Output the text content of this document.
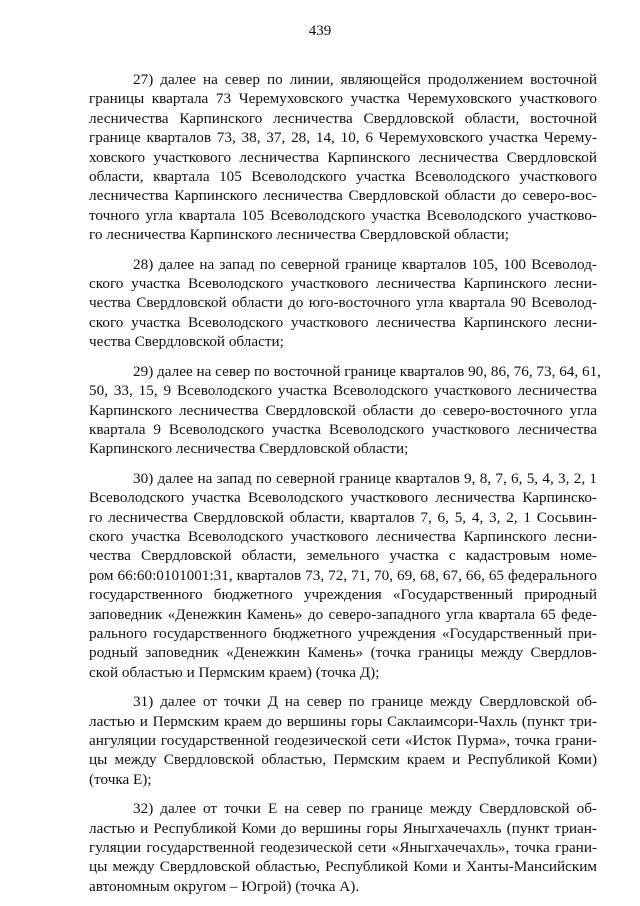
439
27) далее на север по линии, являющейся продолжением восточной
границы квартала 73 Черемуховского участка Черемуховского участкового
лесничества Карпинского лесничества Свердловской области, восточной
границе кварталов 73, 38, 37, 28, 14, 10, 6 Черемуховского участка Черему-
ховского участкового лесничества Карпинского лесничества Свердловской
области, квартала 105 Всеволодского участка Всеволодского участкового
лесничества Карпинского лесничества Свердловской области до северо-вос-
точного угла квартала 105 Всеволодского участка Всеволодского участково-
го лесничества Карпинского лесничества Свердловской области;
28) далее на запад по северной границе кварталов 105, 100 Всеволод-
ского участка Всеволодского участкового лесничества Карпинского лесни-
чества Свердловской области до юго-восточного угла квартала 90 Всеволод-
ского участка Всеволодского участкового лесничества Карпинского лесни-
чества Свердловской области;
29) далее на север по восточной границе кварталов 90, 86, 76, 73, 64, 61,
50, 33, 15, 9 Всеволодского участка Всеволодского участкового лесничества
Карпинского лесничества Свердловской области до северо-восточного угла
квартала 9 Всеволодского участка Всеволодского участкового лесничества
Карпинского лесничества Свердловской области;
30) далее на запад по северной границе кварталов 9, 8, 7, 6, 5, 4, 3, 2, 1
Всеволодского участка Всеволодского участкового лесничества Карпинско-
го лесничества Свердловской области, кварталов 7, 6, 5, 4, 3, 2, 1 Сосьвин-
ского участка Всеволодского участкового лесничества Карпинского лесни-
чества Свердловской области, земельного участка с кадастровым номе-
ром 66:60:0101001:31, кварталов 73, 72, 71, 70, 69, 68, 67, 66, 65 федерального
государственного бюджетного учреждения «Государственный природный
заповедник «Денежкин Камень» до северо-западного угла квартала 65 феде-
рального государственного бюджетного учреждения «Государственный при-
родный заповедник «Денежкин Камень» (точка границы между Свердлов-
ской областью и Пермским краем) (точка Д);
31) далее от точки Д на север по границе между Свердловской об-
ластью и Пермским краем до вершины горы Саклаимсори-Чахль (пункт три-
ангуляции государственной геодезической сети «Исток Пурма», точка грани-
цы между Свердловской областью, Пермским краем и Республикой Коми)
(точка Е);
32) далее от точки Е на север по границе между Свердловской об-
ластью и Республикой Коми до вершины горы Яныгхачечахль (пункт триан-
гуляции государственной геодезической сети «Яныгхачечахль», точка грани-
цы между Свердловской областью, Республикой Коми и Ханты-Мансийским
автономным округом – Югрой) (точка А).
